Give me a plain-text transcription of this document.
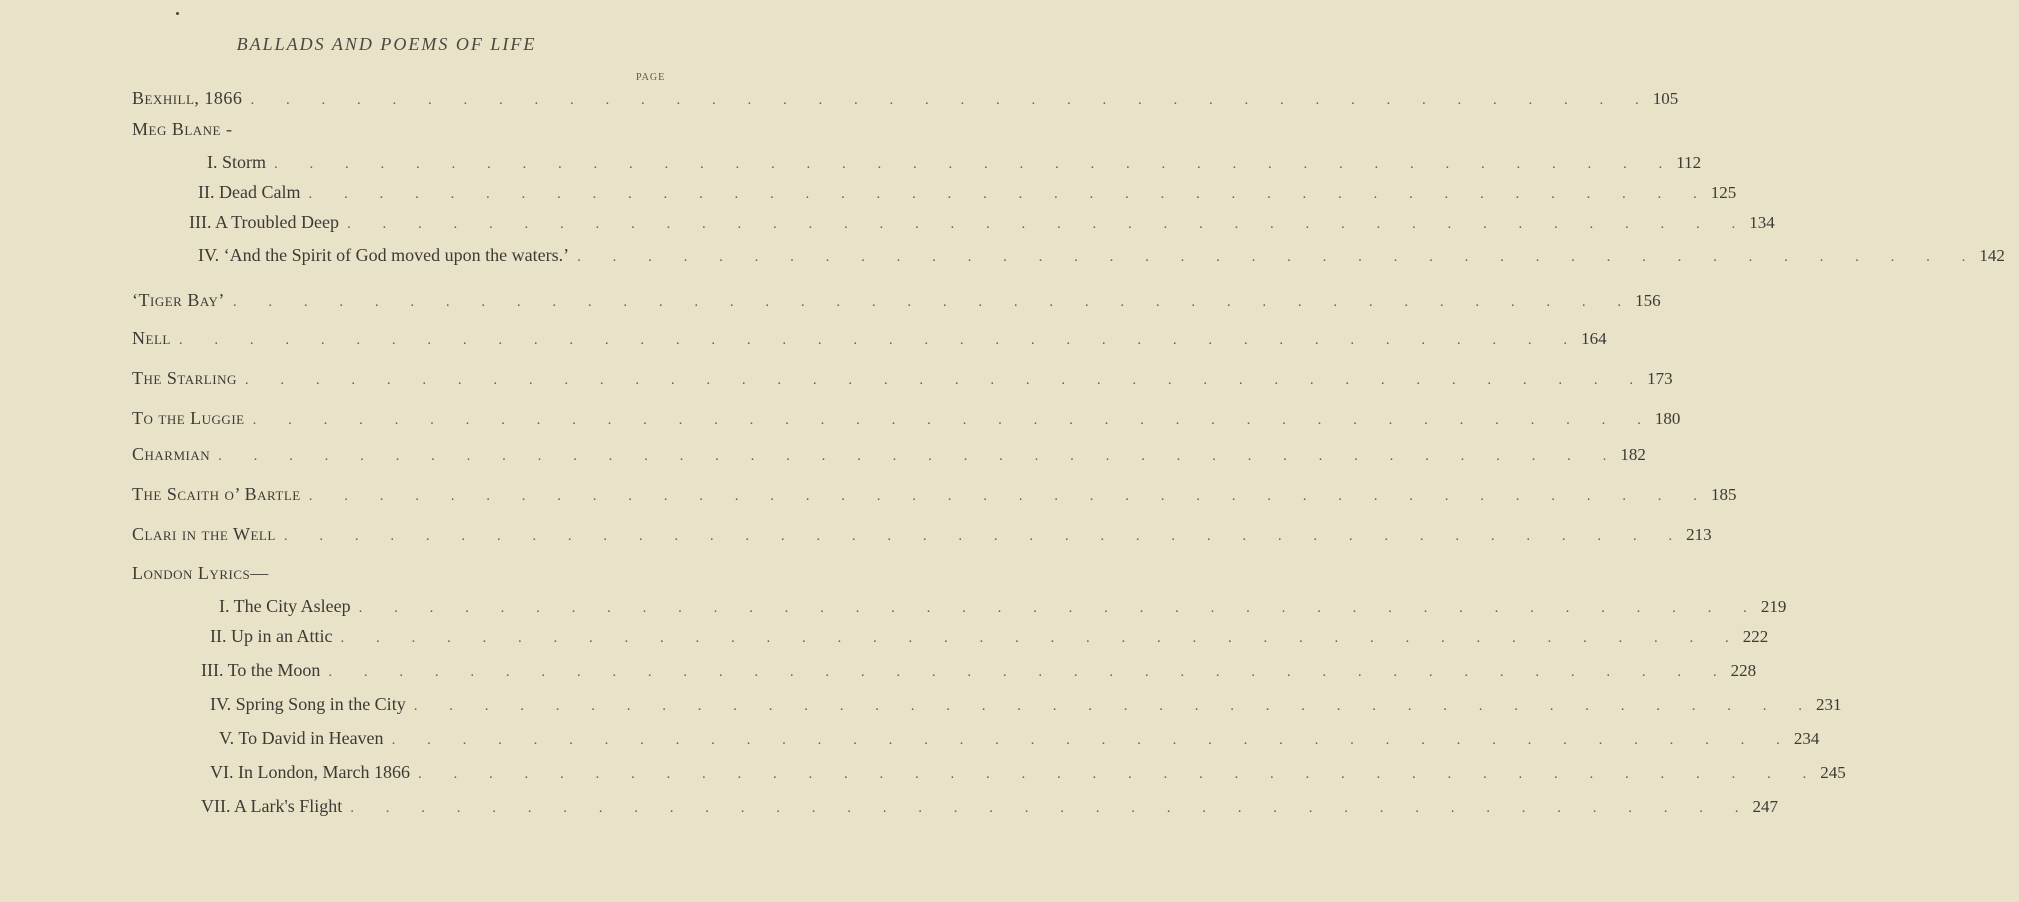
BALLADS AND POEMS OF LIFE
PAGE
Bexhill, 1866 . . . . . . . . . . . . . . . . . . . . . . . . . . . . . . . . . . . . . . . . 105
Meg Blane -
I. Storm . . . . . . . . . . . . . . . . . . . . . . . . . . . . . . . . . . . . . . . . 112
II. Dead Calm . . . . . . . . . . . . . . . . . . . . . . . . . . . . . . . . . . . . . . . . 125
III. A Troubled Deep . . . . . . . . . . . . . . . . . . . . . . . . . . . . . . . . . . . . . . . . 134
IV. ‘And the Spirit of God moved upon the waters.’ . . . . . . . . . . . . . . . . . . . . . . . . . . . . . . . . . . . . . . . . 142
‘Tiger Bay’ . . . . . . . . . . . . . . . . . . . . . . . . . . . . . . . . . . . . . . . . 156
Nell . . . . . . . . . . . . . . . . . . . . . . . . . . . . . . . . . . . . . . . . 164
The Starling . . . . . . . . . . . . . . . . . . . . . . . . . . . . . . . . . . . . . . . . 173
To the Luggie . . . . . . . . . . . . . . . . . . . . . . . . . . . . . . . . . . . . . . . . 180
Charmian . . . . . . . . . . . . . . . . . . . . . . . . . . . . . . . . . . . . . . . . 182
The Scaith o’ Bartle . . . . . . . . . . . . . . . . . . . . . . . . . . . . . . . . . . . . . . . . 185
Clari in the Well . . . . . . . . . . . . . . . . . . . . . . . . . . . . . . . . . . . . . . . . 213
London Lyrics—
I. The City Asleep . . . . . . . . . . . . . . . . . . . . . . . . . . . . . . . . . . . . . . . . 219
II. Up in an Attic . . . . . . . . . . . . . . . . . . . . . . . . . . . . . . . . . . . . . . . . 222
III. To the Moon . . . . . . . . . . . . . . . . . . . . . . . . . . . . . . . . . . . . . . . . 228
IV. Spring Song in the City . . . . . . . . . . . . . . . . . . . . . . . . . . . . . . . . . . . . . . . . 231
V. To David in Heaven . . . . . . . . . . . . . . . . . . . . . . . . . . . . . . . . . . . . . . . . 234
VI. In London, March 1866 . . . . . . . . . . . . . . . . . . . . . . . . . . . . . . . . . . . . . . . . 245
VII. A Lark's Flight . . . . . . . . . . . . . . . . . . . . . . . . . . . . . . . . . . . . . . . . 247
